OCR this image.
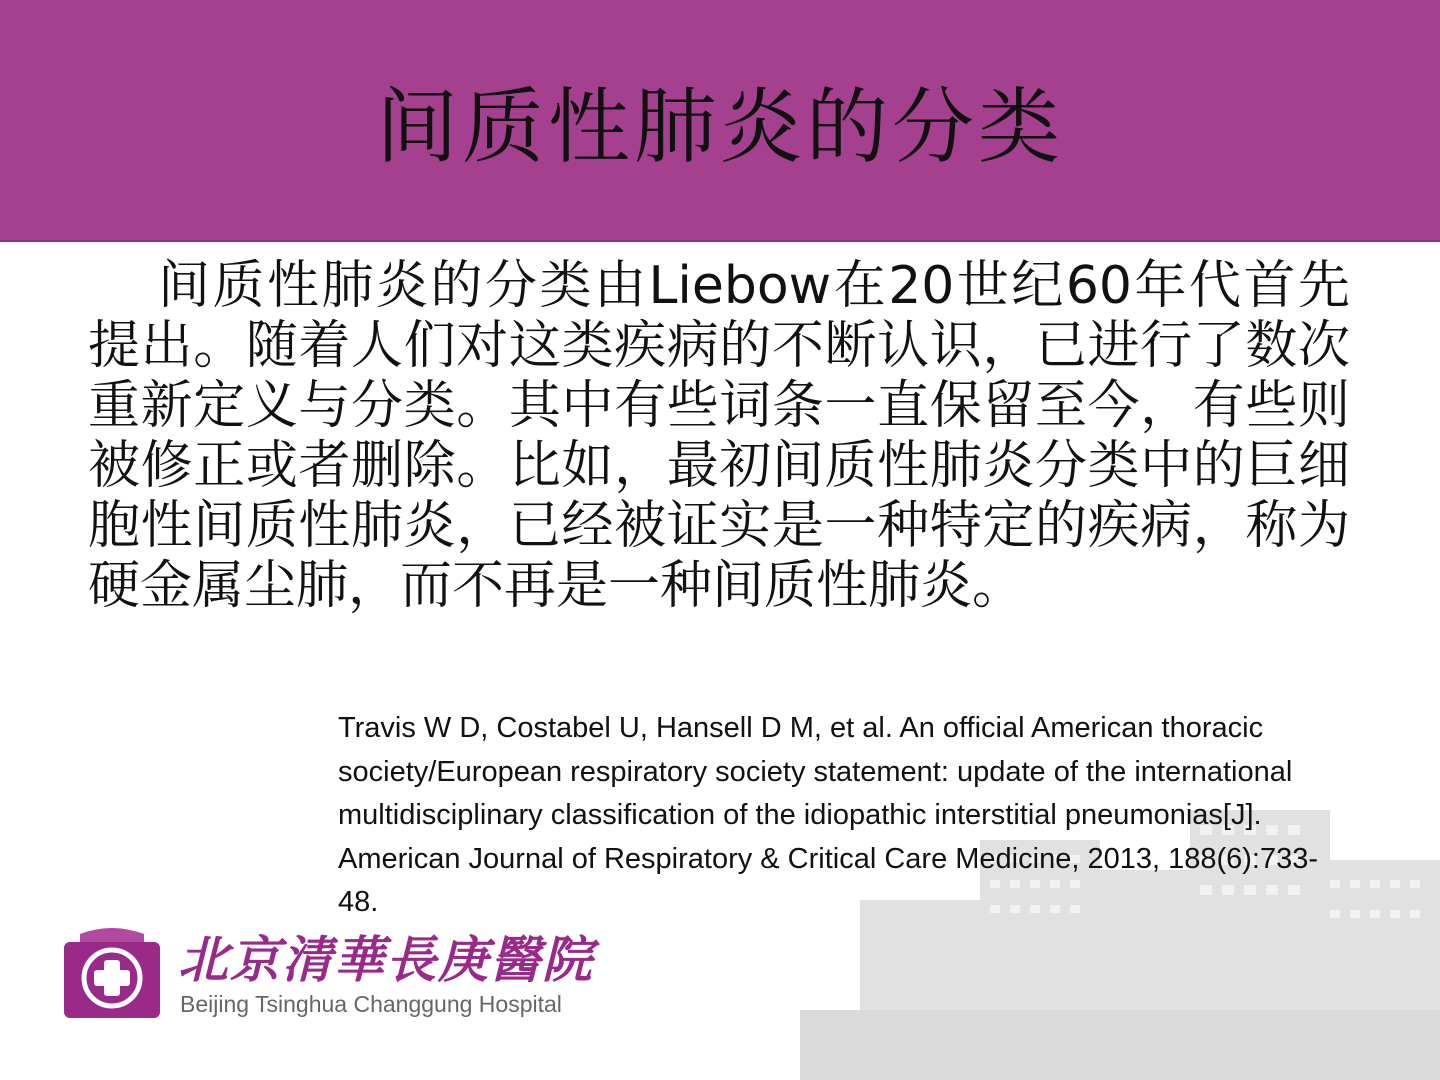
间质性肺炎的分类

间质性肺炎的分类由Liebow在20世纪60年代首先提出。随着人们对这类疾病的不断认识，已进行了数次重新定义与分类。其中有些词条一直保留至今，有些则被修正或者删除。比如，最初间质性肺炎分类中的巨细胞性间质性肺炎，已经被证实是一种特定的疾病，称为硬金属尘肺，而不再是一种间质性肺炎。

Travis W D, Costabel U, Hansell D M, et al. An official American thoracic society/European respiratory society statement: update of the international multidisciplinary classification of the idiopathic interstitial pneumonias[J]. American Journal of Respiratory & Critical Care Medicine, 2013, 188(6):733-48.

北京清華長庚醫院
Beijing Tsinghua Changgung Hospital
